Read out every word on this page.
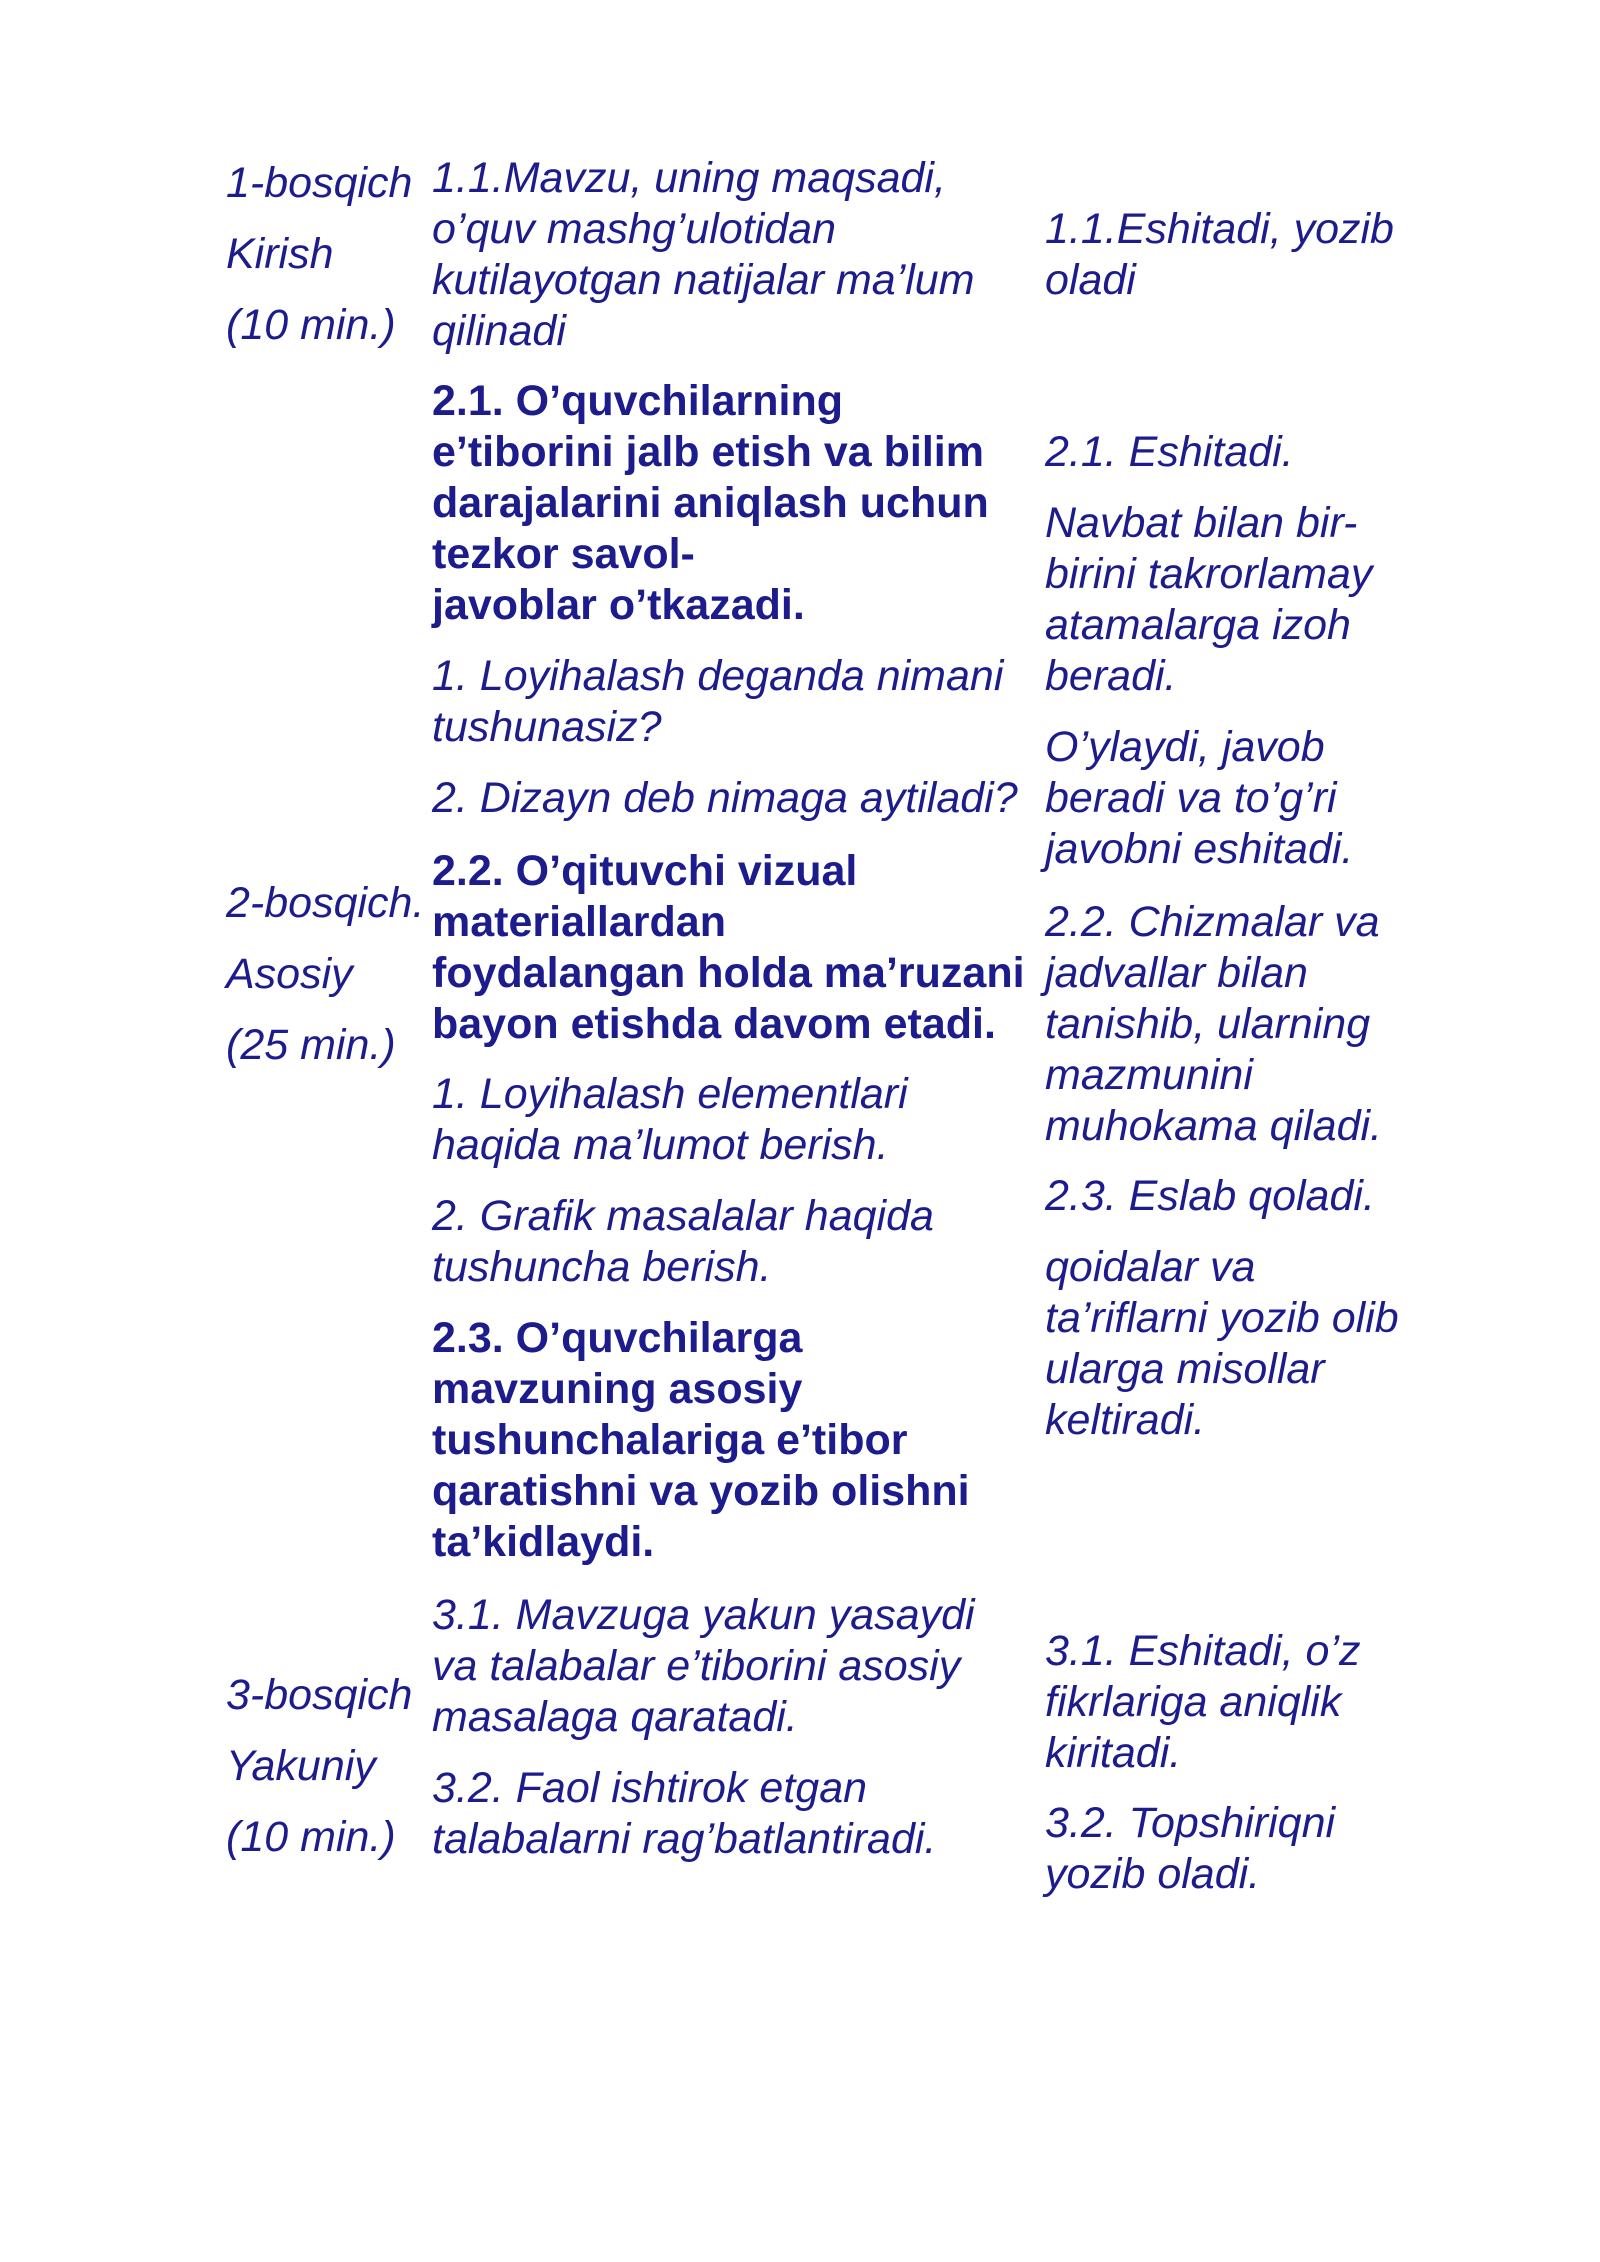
1-bosqich
Kirish
(10 min.)
2-bosqich.
Asosiy
(25 min.)
3-bosqich
Yakuniy
(10 min.)
1.1.Mavzu, uning maqsadi,
o’quv mashg’ulotidan
kutilayotgan natijalar ma’lum
qilinadi
2.1. O’quvchilarning
e’tiborini jalb etish va bilim
darajalarini aniqlash uchun
tezkor savol-
javoblar o’tkazadi.
1. Loyihalash deganda nimani
tushunasiz?
2. Dizayn deb nimaga aytiladi?
2.2. O’qituvchi vizual
materiallardan
foydalangan holda ma’ruzani
bayon etishda davom etadi.
1. Loyihalash elementlari
haqida ma’lumot berish.
2. Grafik masalalar haqida
tushuncha berish.
2.3. O’quvchilarga
mavzuning asosiy
tushunchalariga e’tibor
qaratishni va yozib olishni
ta’kidlaydi.
3.1. Mavzuga yakun yasaydi
va talabalar e’tiborini asosiy
masalaga qaratadi.
3.2. Faol ishtirok etgan
talabalarni rag’batlantiradi.
1.1.Eshitadi, yozib
oladi
2.1. Eshitadi.
Navbat bilan bir-
birini takrorlamay
atamalarga izoh
beradi.
O’ylaydi, javob
beradi va to’g’ri
javobni eshitadi.
2.2. Chizmalar va
jadvallar bilan
tanishib, ularning
mazmunini
muhokama qiladi.
2.3. Eslab qoladi.
qoidalar va
ta’riflarni yozib olib
ularga misollar
keltiradi.
3.1. Eshitadi, o’z
fikrlariga aniqlik
kiritadi.
3.2. Topshiriqni
yozib oladi.
